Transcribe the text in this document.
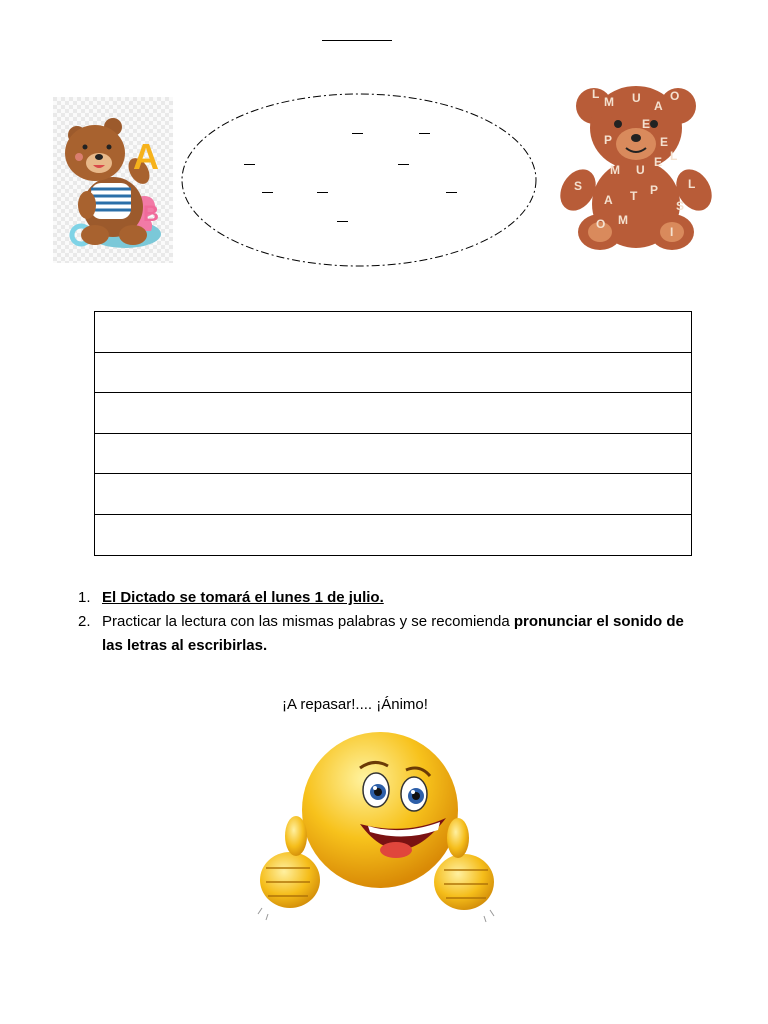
B
A
L
M U
A
O
E
P	E
L
M U
E
S
A T P L
O M
S
I

1. El Dictado se tomará el lunes 1 de julio.
2. Practicar la lectura con las mismas palabras y se recomienda pronunciar el sonido de las letras al escribirlas.
¡A repasar!.... ¡Ánimo!
